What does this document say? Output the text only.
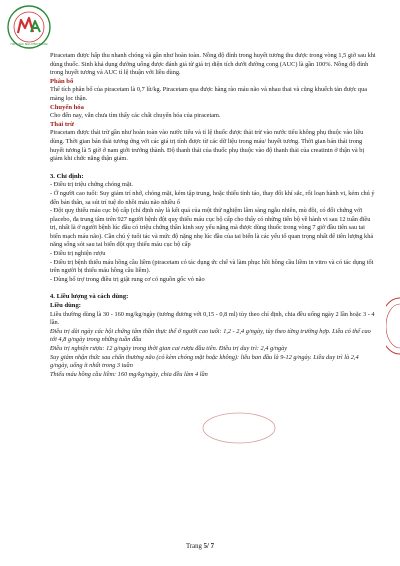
HỢP TÁC NGUYÊN ĐOÀN

Piracetam được hấp thu nhanh chóng và gần như hoàn toàn. Nồng độ đỉnh trong huyết tương thu được trong vòng 1,5 giờ sau khi dùng thuốc. Sinh khả dụng đường uống được đánh giá từ giá trị diện tích dưới đường cong (AUC) là gần 100%. Nồng độ đỉnh trong huyết tương và AUC tỉ lệ thuận với liều dùng.

Phân bố

Thể tích phân bố của piracetam là 0,7 lít/kg. Piracetam qua được hàng rào máu não và nhau thai và cũng khuếch tán được qua màng lọc thận.

Chuyển hóa

Cho đến nay, vẫn chưa tìm thấy các chất chuyển hóa của piracetam.

Thải trừ

Piracetam được thải trừ gần như hoàn toàn vào nước tiểu và tỉ lệ thuốc được thải trừ vào nước tiểu không phụ thuộc vào liều dùng. Thời gian bán thải tương ứng với các giá trị tính được từ các dữ liệu trong máu/ huyết tương. Thời gian bán thải trong huyết tương là 5 giờ ở nam giới trưởng thành. Độ thanh thải của thuốc phụ thuộc vào độ thanh thải của creatinin ở thận và bị giảm khi chức năng thận giảm.

3. Chỉ định:

- Điều trị triệu chứng chóng mặt.

- Ở người cao tuổi: Suy giảm trí nhớ, chóng mặt, kém tập trung, hoặc thiếu tỉnh táo, thay đổi khí sắc, rối loạn hành vi, kém chú ý đến bản thân, sa sút trí tuệ do nhồi máu não nhiều ổ

- Đột quỵ thiếu máu cục bộ cấp (chỉ định này là kết quả của một thử nghiệm lâm sàng ngẫu nhiên, mù đôi, có đối chứng với placebo, đa trung tâm trên 927 người bệnh đột quỵ thiếu máu cục bộ cấp cho thấy có những tiến bộ về hành vi sau 12 tuần điều trị, nhất là ở người bệnh lúc đầu có triệu chứng thần kinh suy yếu nặng mà được dùng thuốc trong vòng 7 giờ đầu tiên sau tai biến mạch máu não). Cần chú ý tuổi tác và mức độ nặng nhẹ lúc đầu của tai biến là các yếu tố quan trọng nhất để tiên lượng khả năng sống sót sau tai biến đột quỵ thiếu máu cục bộ cấp

- Điều trị nghiện rượu

- Điều trị bệnh thiếu máu hồng cầu liềm (piracetam có tác dụng ức chế và làm phục hồi hồng cầu liềm in vitro và có tác dụng tốt trên người bị thiếu máu hồng cầu liềm).

- Dùng bổ trợ trong điều trị giật rung cơ có nguồn gốc vỏ não

4. Liều lượng và cách dùng:

Liều dùng:

Liều thường dùng là 30 - 160 mg/kg/ngày (tương đương với 0,15 - 0,8 ml) tùy theo chỉ định, chia đều uống ngày 2 lần hoặc 3 - 4 lần.

Điều trị dài ngày các hội chứng tâm thần thực thể ở người cao tuổi: 1,2 - 2,4 g/ngày, tùy theo từng trường hợp. Liều có thể cao tới 4,8 g/ngày trong những tuần đầu

Điều trị nghiện rượu: 12 g/ngày trong thời gian cai rượu đầu tiên. Điều trị duy trì: 2,4 g/ngày

Suy giảm nhận thức sau chấn thương não (có kèm chóng mặt hoặc không): liều ban đầu là 9-12 g/ngày. Liều duy trì là 2,4 g/ngày, uống ít nhất trong 3 tuần

Thiếu máu hồng cầu liềm: 160 mg/kg/ngày, chia đều làm 4 lần

Trang 5/ 7
